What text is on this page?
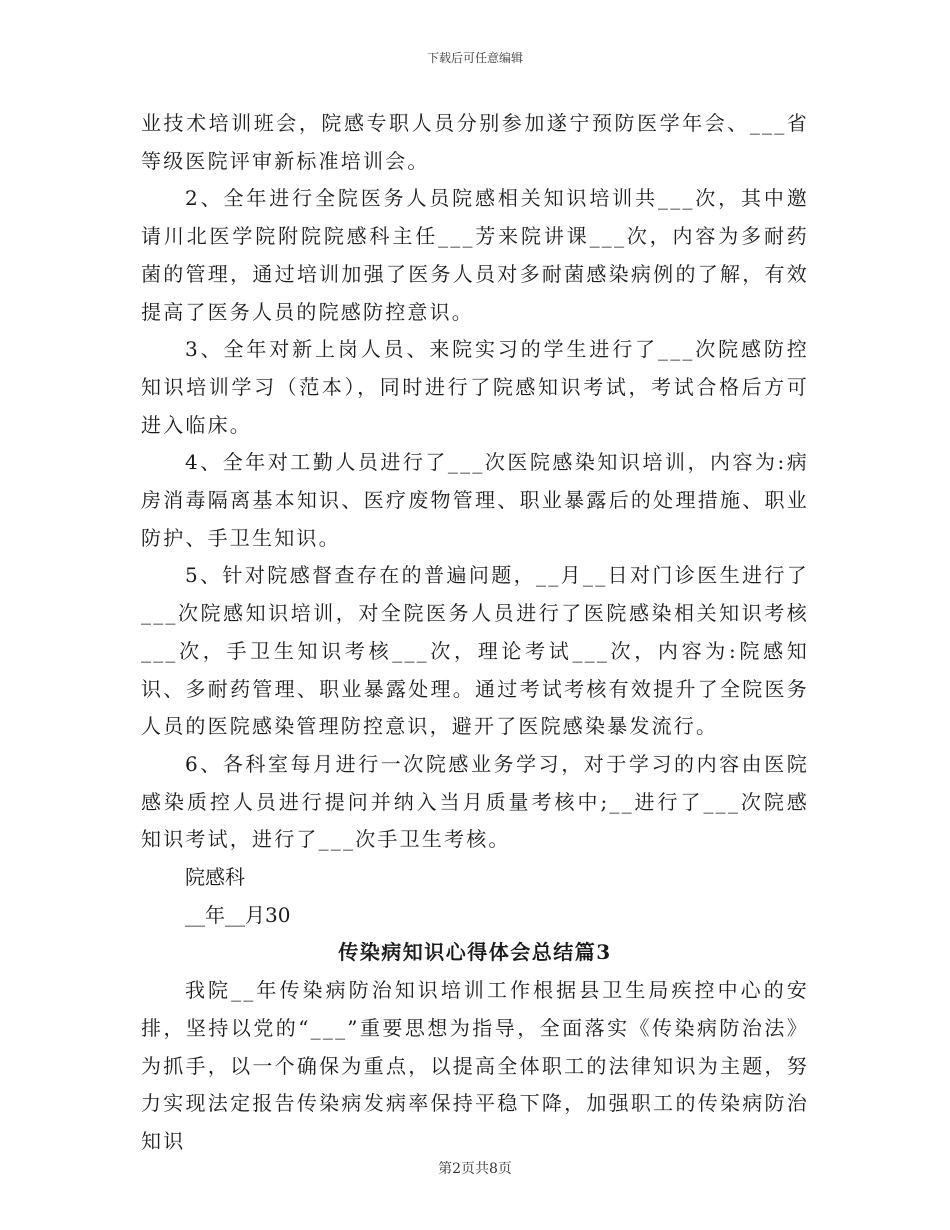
下载后可任意编辑

业技术培训班会，院感专职人员分别参加遂宁预防医学年会、___省等级医院评审新标准培训会。

2、全年进行全院医务人员院感相关知识培训共___次，其中邀请川北医学院附院院感科主任___芳来院讲课___次，内容为多耐药菌的管理，通过培训加强了医务人员对多耐菌感染病例的了解，有效提高了医务人员的院感防控意识。

3、全年对新上岗人员、来院实习的学生进行了___次院感防控知识培训学习（范本），同时进行了院感知识考试，考试合格后方可进入临床。

4、全年对工勤人员进行了___次医院感染知识培训，内容为:病房消毒隔离基本知识、医疗废物管理、职业暴露后的处理措施、职业防护、手卫生知识。

5、针对院感督查存在的普遍问题，__月__日对门诊医生进行了___次院感知识培训，对全院医务人员进行了医院感染相关知识考核___次，手卫生知识考核___次，理论考试___次，内容为:院感知识、多耐药管理、职业暴露处理。通过考试考核有效提升了全院医务人员的医院感染管理防控意识，避开了医院感染暴发流行。

6、各科室每月进行一次院感业务学习，对于学习的内容由医院感染质控人员进行提问并纳入当月质量考核中;__进行了___次院感知识考试，进行了___次手卫生考核。

院感科

__年__月30

传染病知识心得体会总结篇3

我院__年传染病防治知识培训工作根据县卫生局疾控中心的安排，坚持以党的“___”重要思想为指导，全面落实《传染病防治法》为抓手，以一个确保为重点，以提高全体职工的法律知识为主题，努力实现法定报告传染病发病率保持平稳下降，加强职工的传染病防治知识

第2页共8页
